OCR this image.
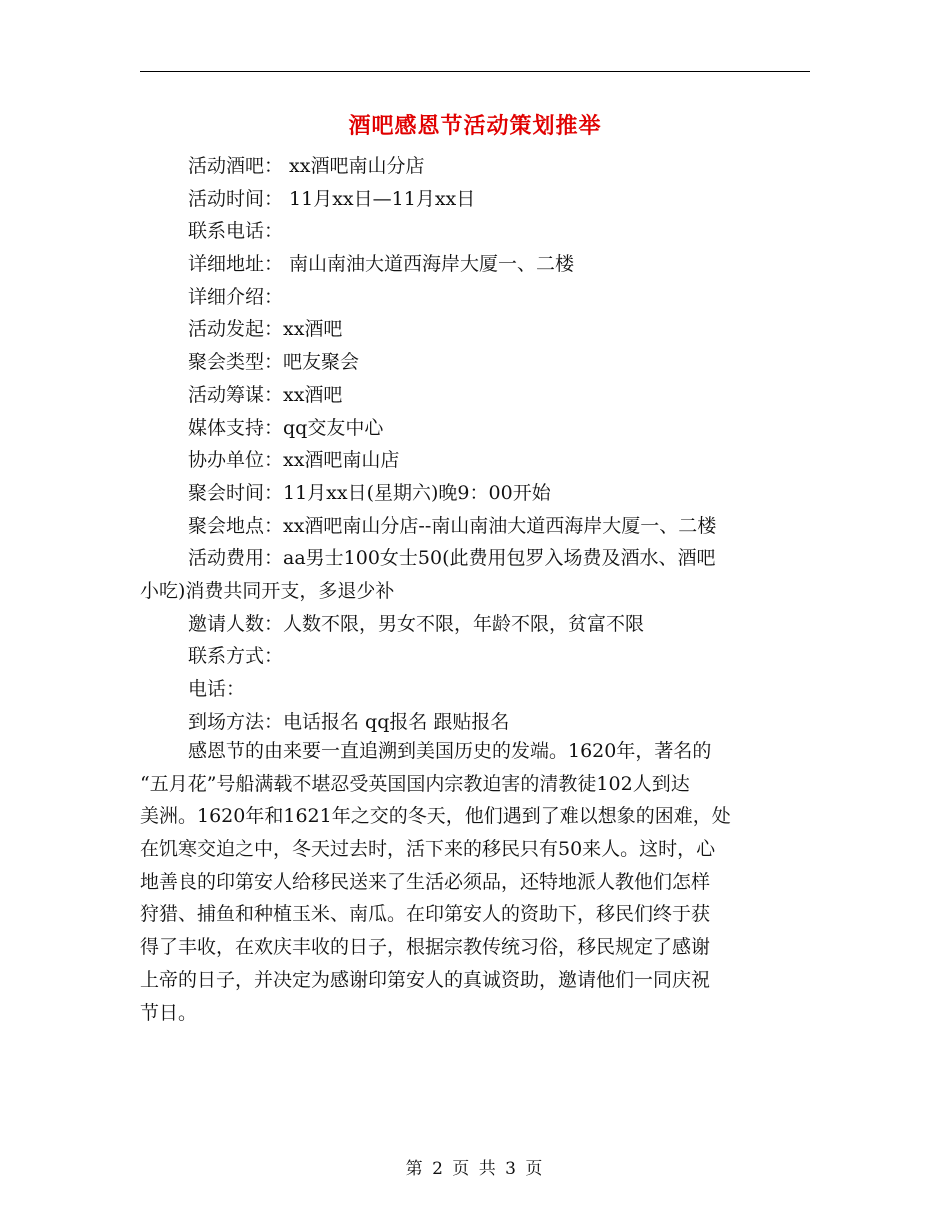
酒吧感恩节活动策划推举
活动酒吧： xx酒吧南山分店
活动时间： 11月xx日—11月xx日
联系电话：
详细地址： 南山南油大道西海岸大厦一、二楼
详细介绍：
活动发起：xx酒吧
聚会类型：吧友聚会
活动筹谋：xx酒吧
媒体支持：qq交友中心
协办单位：xx酒吧南山店
聚会时间：11月xx日(星期六)晚9：00开始
聚会地点：xx酒吧南山分店--南山南油大道西海岸大厦一、二楼
活动费用：aa男士100女士50(此费用包罗入场费及酒水、酒吧
小吃)消费共同开支，多退少补
邀请人数：人数不限，男女不限，年龄不限，贫富不限
联系方式：
电话：
到场方法：电话报名 qq报名 跟贴报名
感恩节的由来要一直追溯到美国历史的发端。1620年，著名的
“五月花”号船满载不堪忍受英国国内宗教迫害的清教徒102人到达
美洲。1620年和1621年之交的冬天，他们遇到了难以想象的困难，处
在饥寒交迫之中，冬天过去时，活下来的移民只有50来人。这时，心
地善良的印第安人给移民送来了生活必须品，还特地派人教他们怎样
狩猎、捕鱼和种植玉米、南瓜。在印第安人的资助下，移民们终于获
得了丰收，在欢庆丰收的日子，根据宗教传统习俗，移民规定了感谢
上帝的日子，并决定为感谢印第安人的真诚资助，邀请他们一同庆祝
节日。
第 2 页 共 3 页
